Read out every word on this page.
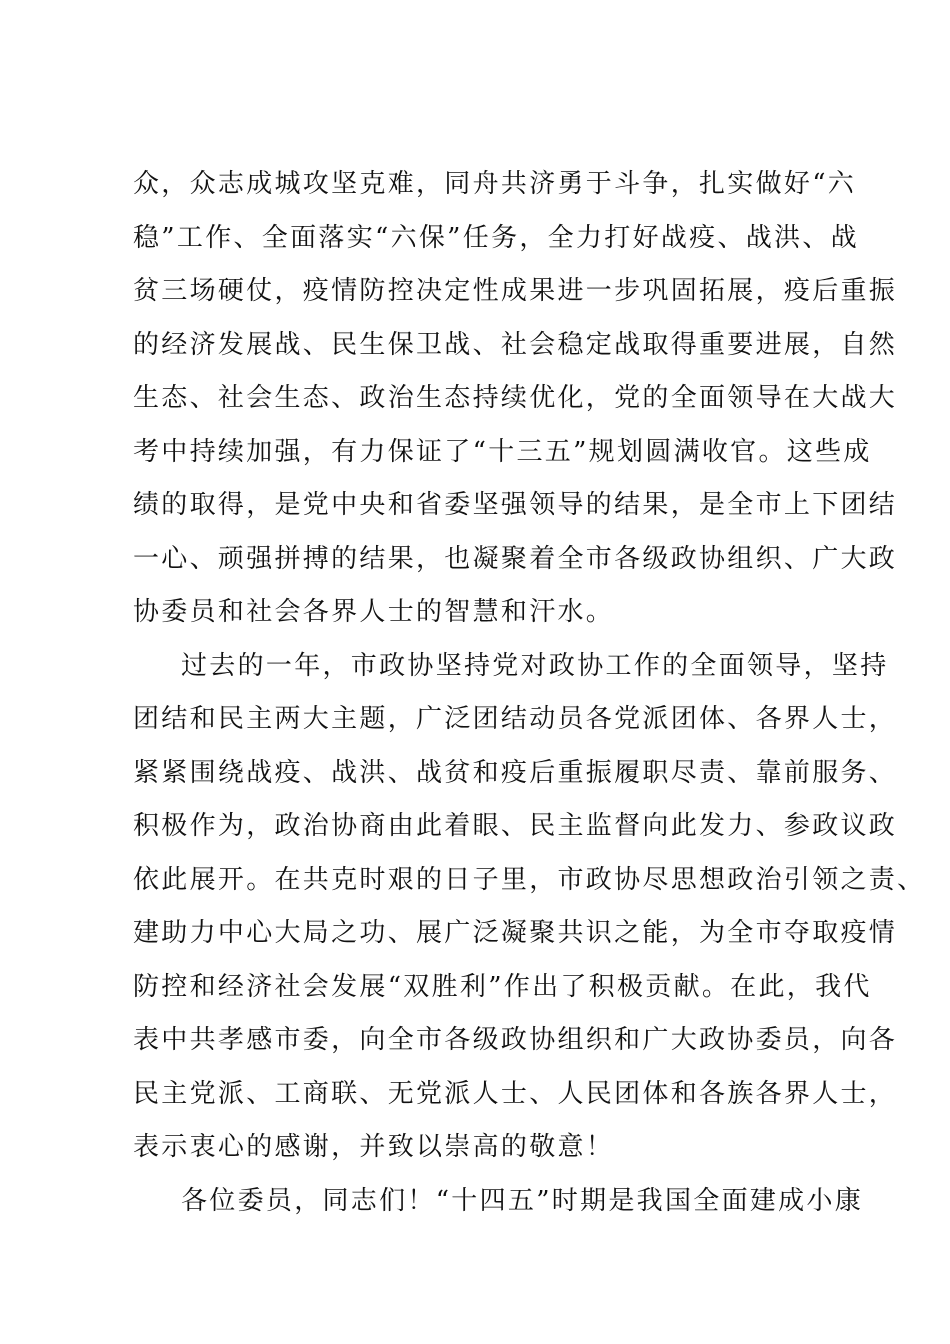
众，众志成城攻坚克难，同舟共济勇于斗争，扎实做好“六
稳”工作、全面落实“六保”任务，全力打好战疫、战洪、战
贫三场硬仗，疫情防控决定性成果进一步巩固拓展，疫后重振
的经济发展战、民生保卫战、社会稳定战取得重要进展，自然
生态、社会生态、政治生态持续优化，党的全面领导在大战大
考中持续加强，有力保证了“十三五”规划圆满收官。这些成
绩的取得，是党中央和省委坚强领导的结果，是全市上下团结
一心、顽强拼搏的结果，也凝聚着全市各级政协组织、广大政
协委员和社会各界人士的智慧和汗水。
过去的一年，市政协坚持党对政协工作的全面领导，坚持
团结和民主两大主题，广泛团结动员各党派团体、各界人士，
紧紧围绕战疫、战洪、战贫和疫后重振履职尽责、靠前服务、
积极作为，政治协商由此着眼、民主监督向此发力、参政议政
依此展开。在共克时艰的日子里，市政协尽思想政治引领之责、
建助力中心大局之功、展广泛凝聚共识之能，为全市夺取疫情
防控和经济社会发展“双胜利”作出了积极贡献。在此，我代
表中共孝感市委，向全市各级政协组织和广大政协委员，向各
民主党派、工商联、无党派人士、人民团体和各族各界人士，
表示衷心的感谢，并致以崇高的敬意！
各位委员，同志们！“十四五”时期是我国全面建成小康
